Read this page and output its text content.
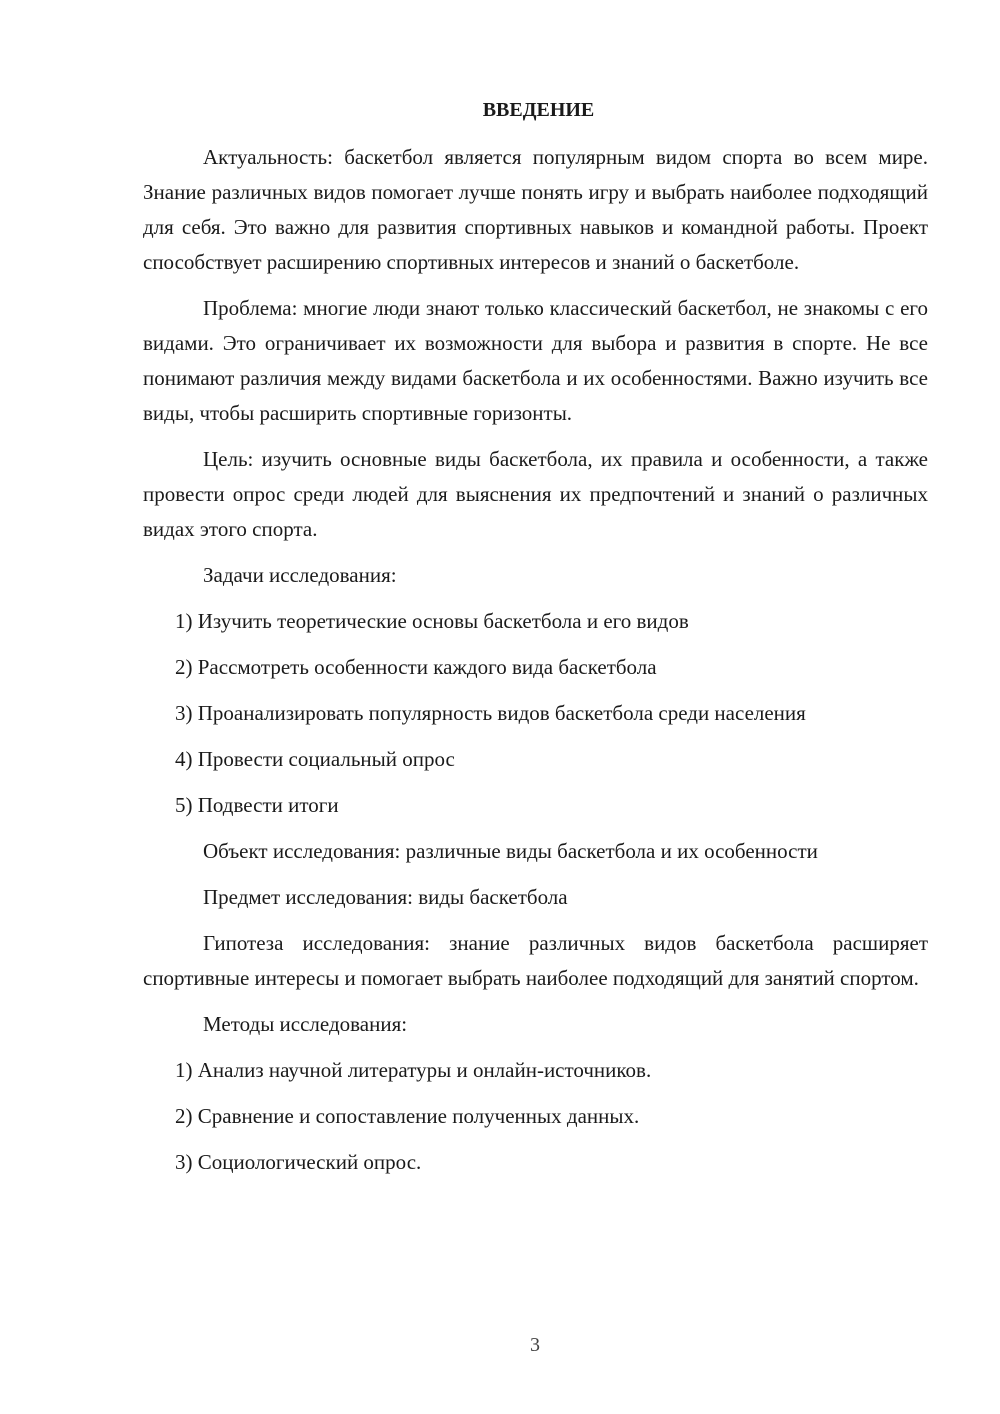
ВВЕДЕНИЕ

Актуальность: баскетбол является популярным видом спорта во всем мире. Знание различных видов помогает лучше понять игру и выбрать наиболее подходящий для себя. Это важно для развития спортивных навыков и командной работы. Проект способствует расширению спортивных интересов и знаний о баскетболе.

Проблема: многие люди знают только классический баскетбол, не знакомы с его видами. Это ограничивает их возможности для выбора и развития в спорте. Не все понимают различия между видами баскетбола и их особенностями. Важно изучить все виды, чтобы расширить спортивные горизонты.

Цель: изучить основные виды баскетбола, их правила и особенности, а также провести опрос среди людей для выяснения их предпочтений и знаний о различных видах этого спорта.

Задачи исследования:

1) Изучить теоретические основы баскетбола и его видов
2) Рассмотреть особенности каждого вида баскетбола
3) Проанализировать популярность видов баскетбола среди населения
4) Провести социальный опрос
5) Подвести итоги

Объект исследования: различные виды баскетбола и их особенности

Предмет исследования: виды баскетбола

Гипотеза исследования: знание различных видов баскетбола расширяет спортивные интересы и помогает выбрать наиболее подходящий для занятий спортом.

Методы исследования:

1) Анализ научной литературы и онлайн-источников.
2) Сравнение и сопоставление полученных данных.
3) Социологический опрос.
3
